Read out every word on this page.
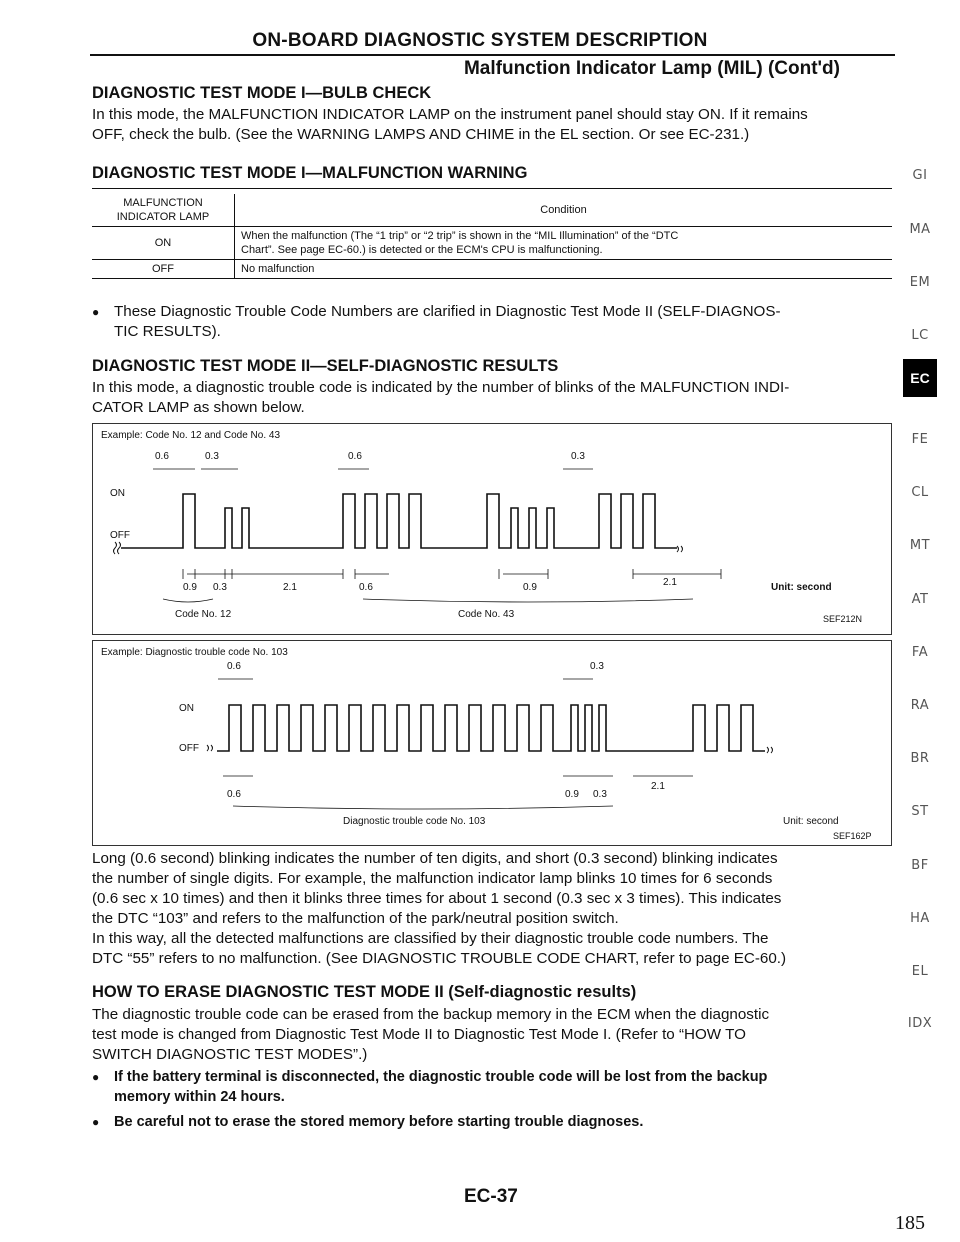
ON-BOARD DIAGNOSTIC SYSTEM DESCRIPTION
Malfunction Indicator Lamp (MIL) (Cont'd)
DIAGNOSTIC TEST MODE I—BULB CHECK
In this mode, the MALFUNCTION INDICATOR LAMP on the instrument panel should stay ON. If it remains
OFF, check the bulb. (See the WARNING LAMPS AND CHIME in the EL section. Or see EC-231.)
DIAGNOSTIC TEST MODE I—MALFUNCTION WARNING
MALFUNCTION
INDICATOR LAMP	Condition
ON	When the malfunction (The “1 trip” or “2 trip” is shown in the “MIL Illumination” of the “DTC
Chart”. See page EC-60.) is detected or the ECM's CPU is malfunctioning.

OFF	No malfunction
● These Diagnostic Trouble Code Numbers are clarified in Diagnostic Test Mode II (SELF-DIAGNOS-
TIC RESULTS).
DIAGNOSTIC TEST MODE II—SELF-DIAGNOSTIC RESULTS
In this mode, a diagnostic trouble code is indicated by the number of blinks of the MALFUNCTION INDI-
CATOR LAMP as shown below.
Example: Code No. 12 and Code No. 43
ON
OFF
0.6	0.3	0.6	0.3
0.9 0.3	2.1	0.6	0.9	2.1
Code No. 12	Code No. 43
Unit: second
SEF212N
Example: Diagnostic trouble code No. 103
ON
OFF
0.6	0.3
0.6	0.9 0.3
2.1
Diagnostic trouble code No. 103	Unit: second
SEF162P
Long (0.6 second) blinking indicates the number of ten digits, and short (0.3 second) blinking indicates
the number of single digits. For example, the malfunction indicator lamp blinks 10 times for 6 seconds
(0.6 sec x 10 times) and then it blinks three times for about 1 second (0.3 sec x 3 times). This indicates
the DTC “103” and refers to the malfunction of the park/neutral position switch.
In this way, all the detected malfunctions are classified by their diagnostic trouble code numbers. The
DTC “55” refers to no malfunction. (See DIAGNOSTIC TROUBLE CODE CHART, refer to page EC-60.)
HOW TO ERASE DIAGNOSTIC TEST MODE II (Self-diagnostic results)
The diagnostic trouble code can be erased from the backup memory in the ECM when the diagnostic
test mode is changed from Diagnostic Test Mode II to Diagnostic Test Mode I. (Refer to “HOW TO
SWITCH DIAGNOSTIC TEST MODES”.)
● If the battery terminal is disconnected, the diagnostic trouble code will be lost from the backup
memory within 24 hours.
●	Be careful not to erase the stored memory before starting trouble diagnoses.
EC-37
185
GI
MA
EM
LC
EC
FE
CL
MT
AT
FA
RA
BR
ST
BF
HA
EL
IDX
